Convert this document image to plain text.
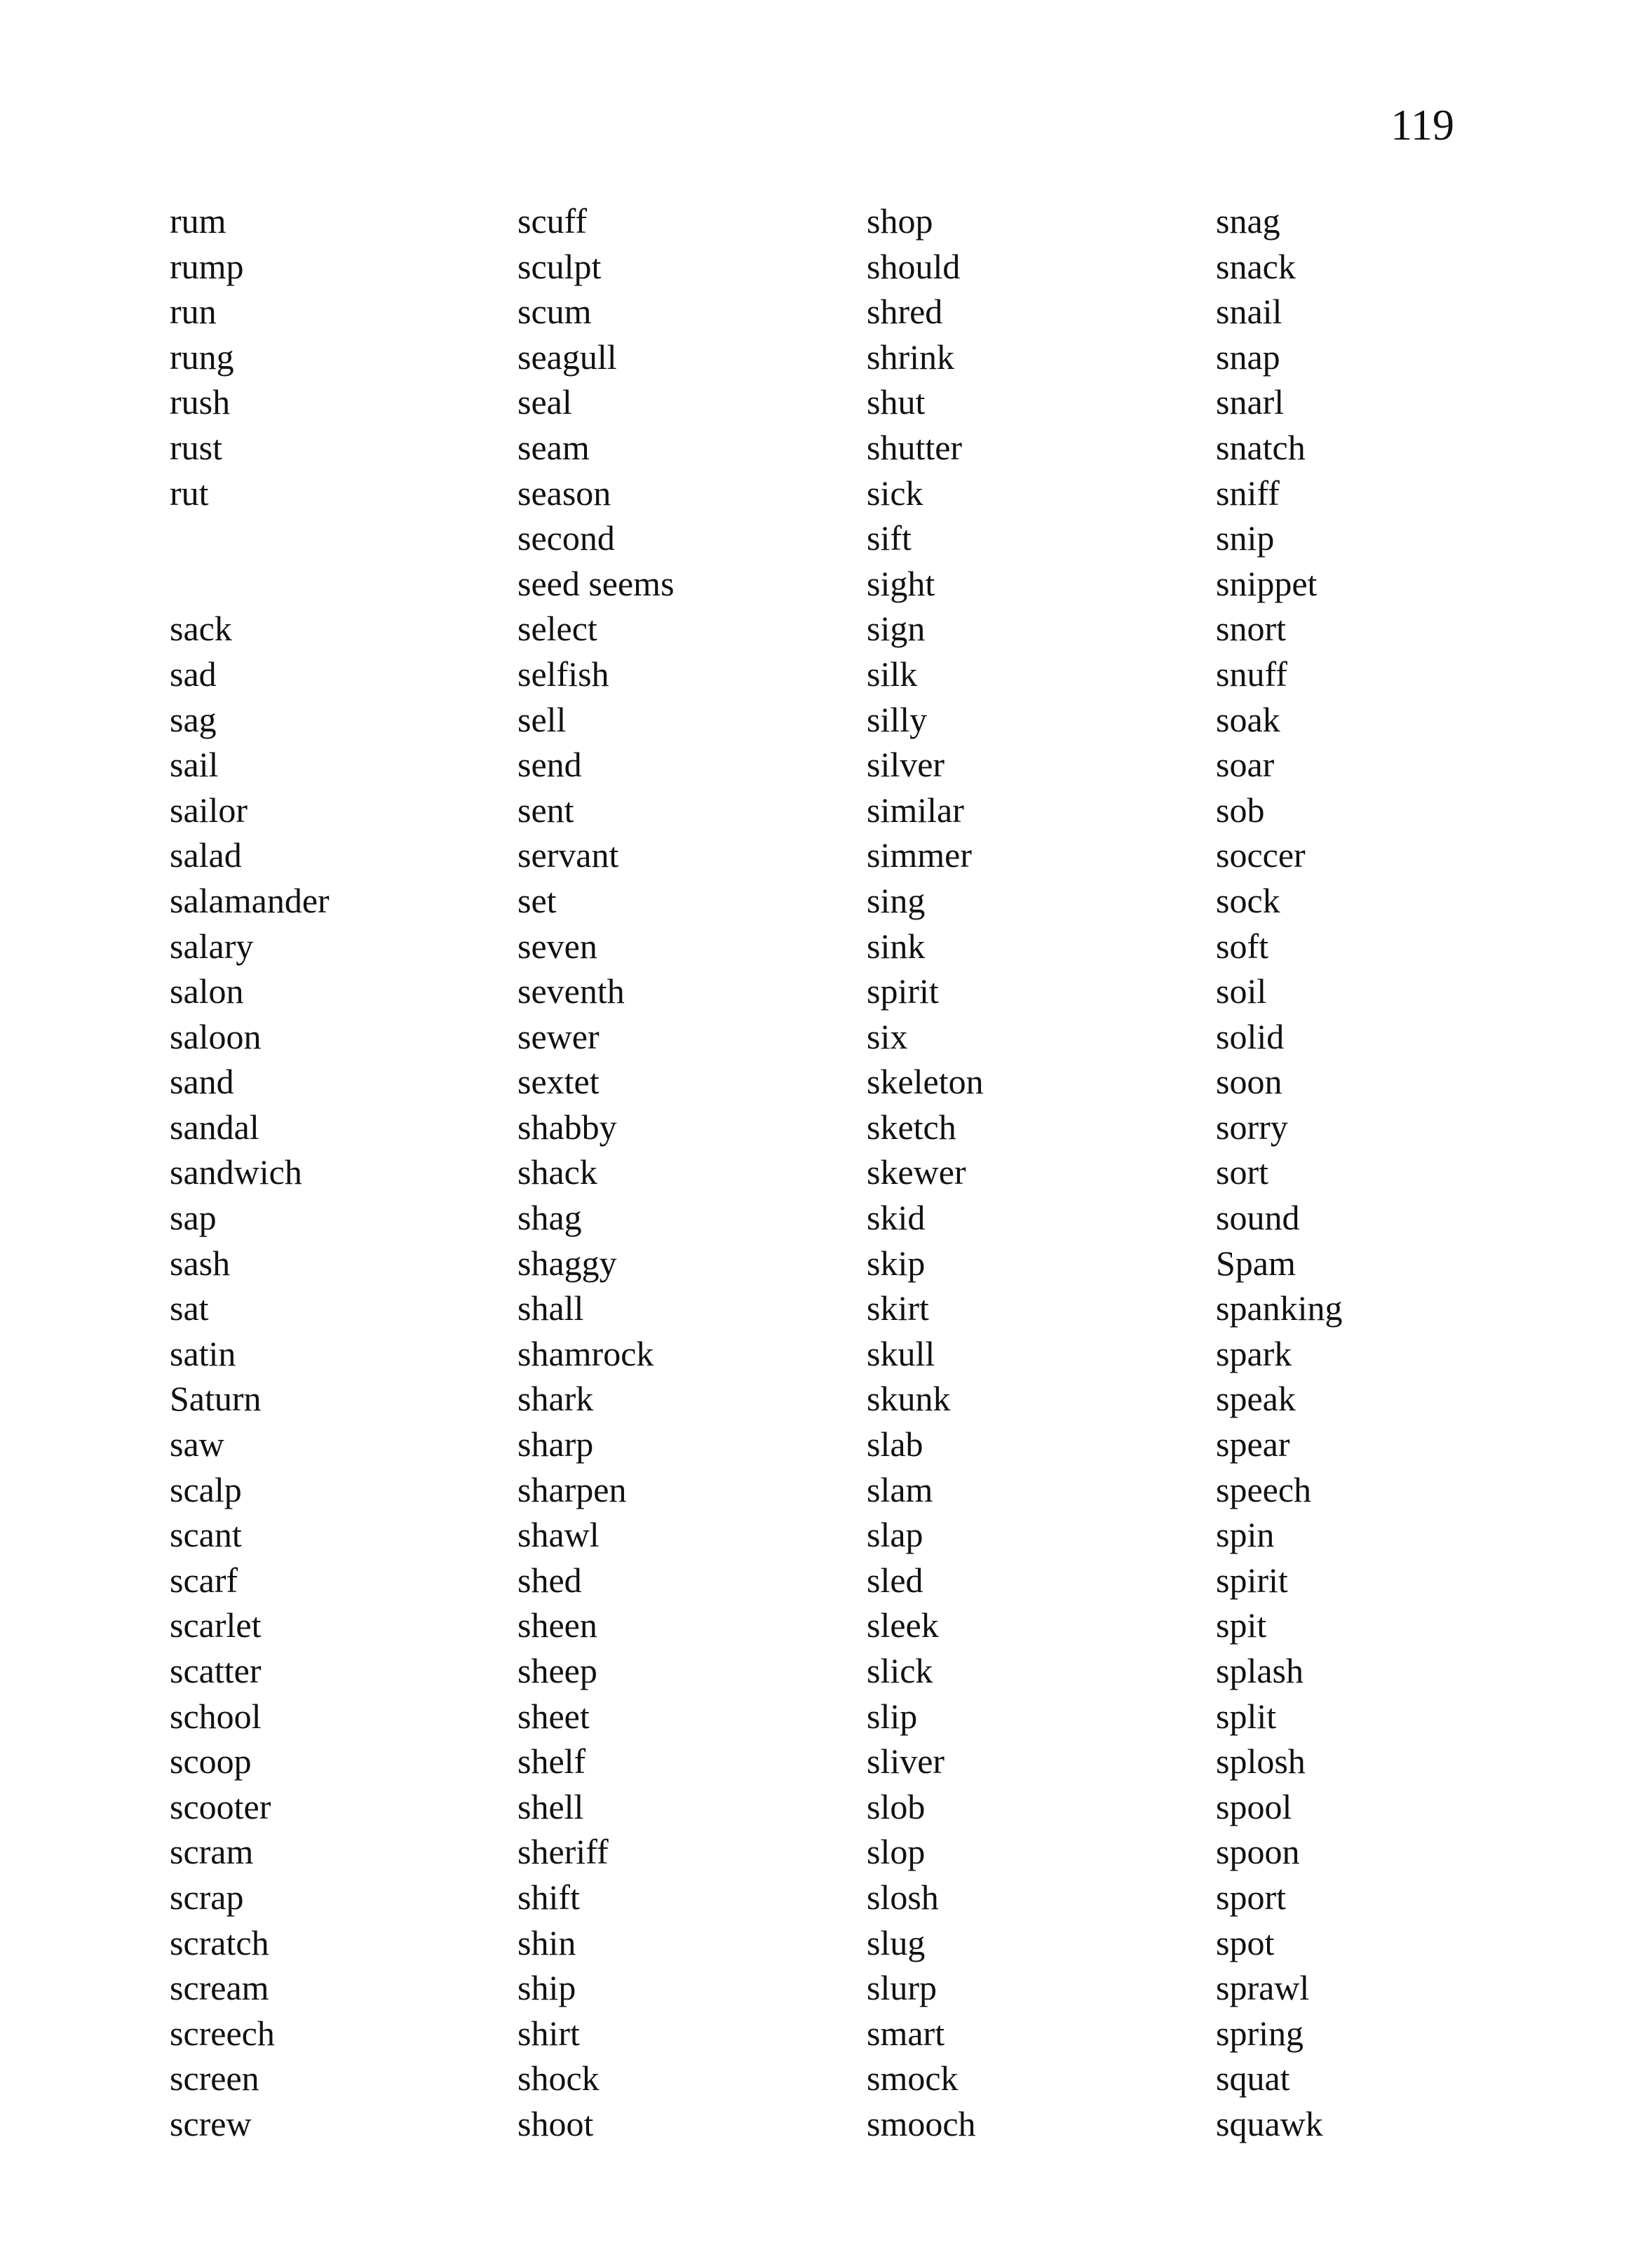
119
rum
rump
run
rung
rush
rust
rut
sack
sad
sag
sail
sailor
salad
salamander
salary
salon
saloon
sand
sandal
sandwich
sap
sash
sat
satin
Saturn
saw
scalp
scant
scarf
scarlet
scatter
school
scoop
scooter
scram
scrap
scratch
scream
screech
screen
screw
scuff
sculpt
scum
seagull
seal
seam
season
second
seed seems
select
selfish
sell
send
sent
servant
set
seven
seventh
sewer
sextet
shabby
shack
shag
shaggy
shall
shamrock
shark
sharp
sharpen
shawl
shed
sheen
sheep
sheet
shelf
shell
sheriff
shift
shin
ship
shirt
shock
shoot
shop
should
shred
shrink
shut
shutter
sick
sift
sight
sign
silk
silly
silver
similar
simmer
sing
sink
spirit
six
skeleton
sketch
skewer
skid
skip
skirt
skull
skunk
slab
slam
slap
sled
sleek
slick
slip
sliver
slob
slop
slosh
slug
slurp
smart
smock
smooch
snag
snack
snail
snap
snarl
snatch
sniff
snip
snippet
snort
snuff
soak
soar
sob
soccer
sock
soft
soil
solid
soon
sorry
sort
sound
Spam
spanking
spark
speak
spear
speech
spin
spirit
spit
splash
split
splosh
spool
spoon
sport
spot
sprawl
spring
squat
squawk
